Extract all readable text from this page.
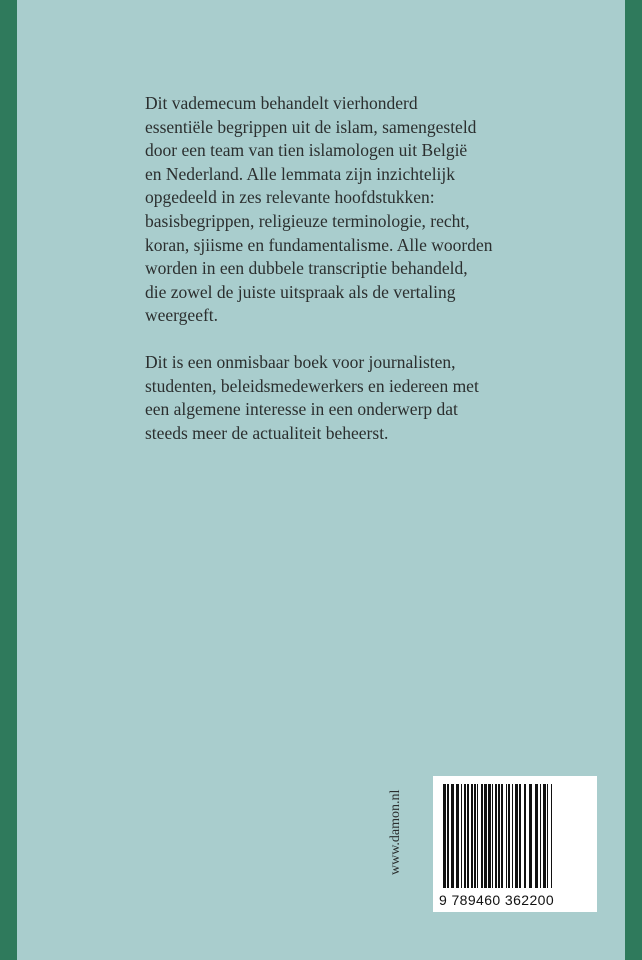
Dit vademecum behandelt vierhonderd
essentiële begrippen uit de islam, samengesteld
door een team van tien islamologen uit België
en Nederland. Alle lemmata zijn inzichtelijk
opgedeeld in zes relevante hoofdstukken:
basisbegrippen, religieuze terminologie, recht,
koran, sjiisme en fundamentalisme. Alle woorden
worden in een dubbele transcriptie behandeld,
die zowel de juiste uitspraak als de vertaling
weergeeft.

Dit is een onmisbaar boek voor journalisten,
studenten, beleidsmedewerkers en iedereen met
een algemene interesse in een onderwerp dat
steeds meer de actualiteit beheerst.

www.damon.nl
9 789460 362200
